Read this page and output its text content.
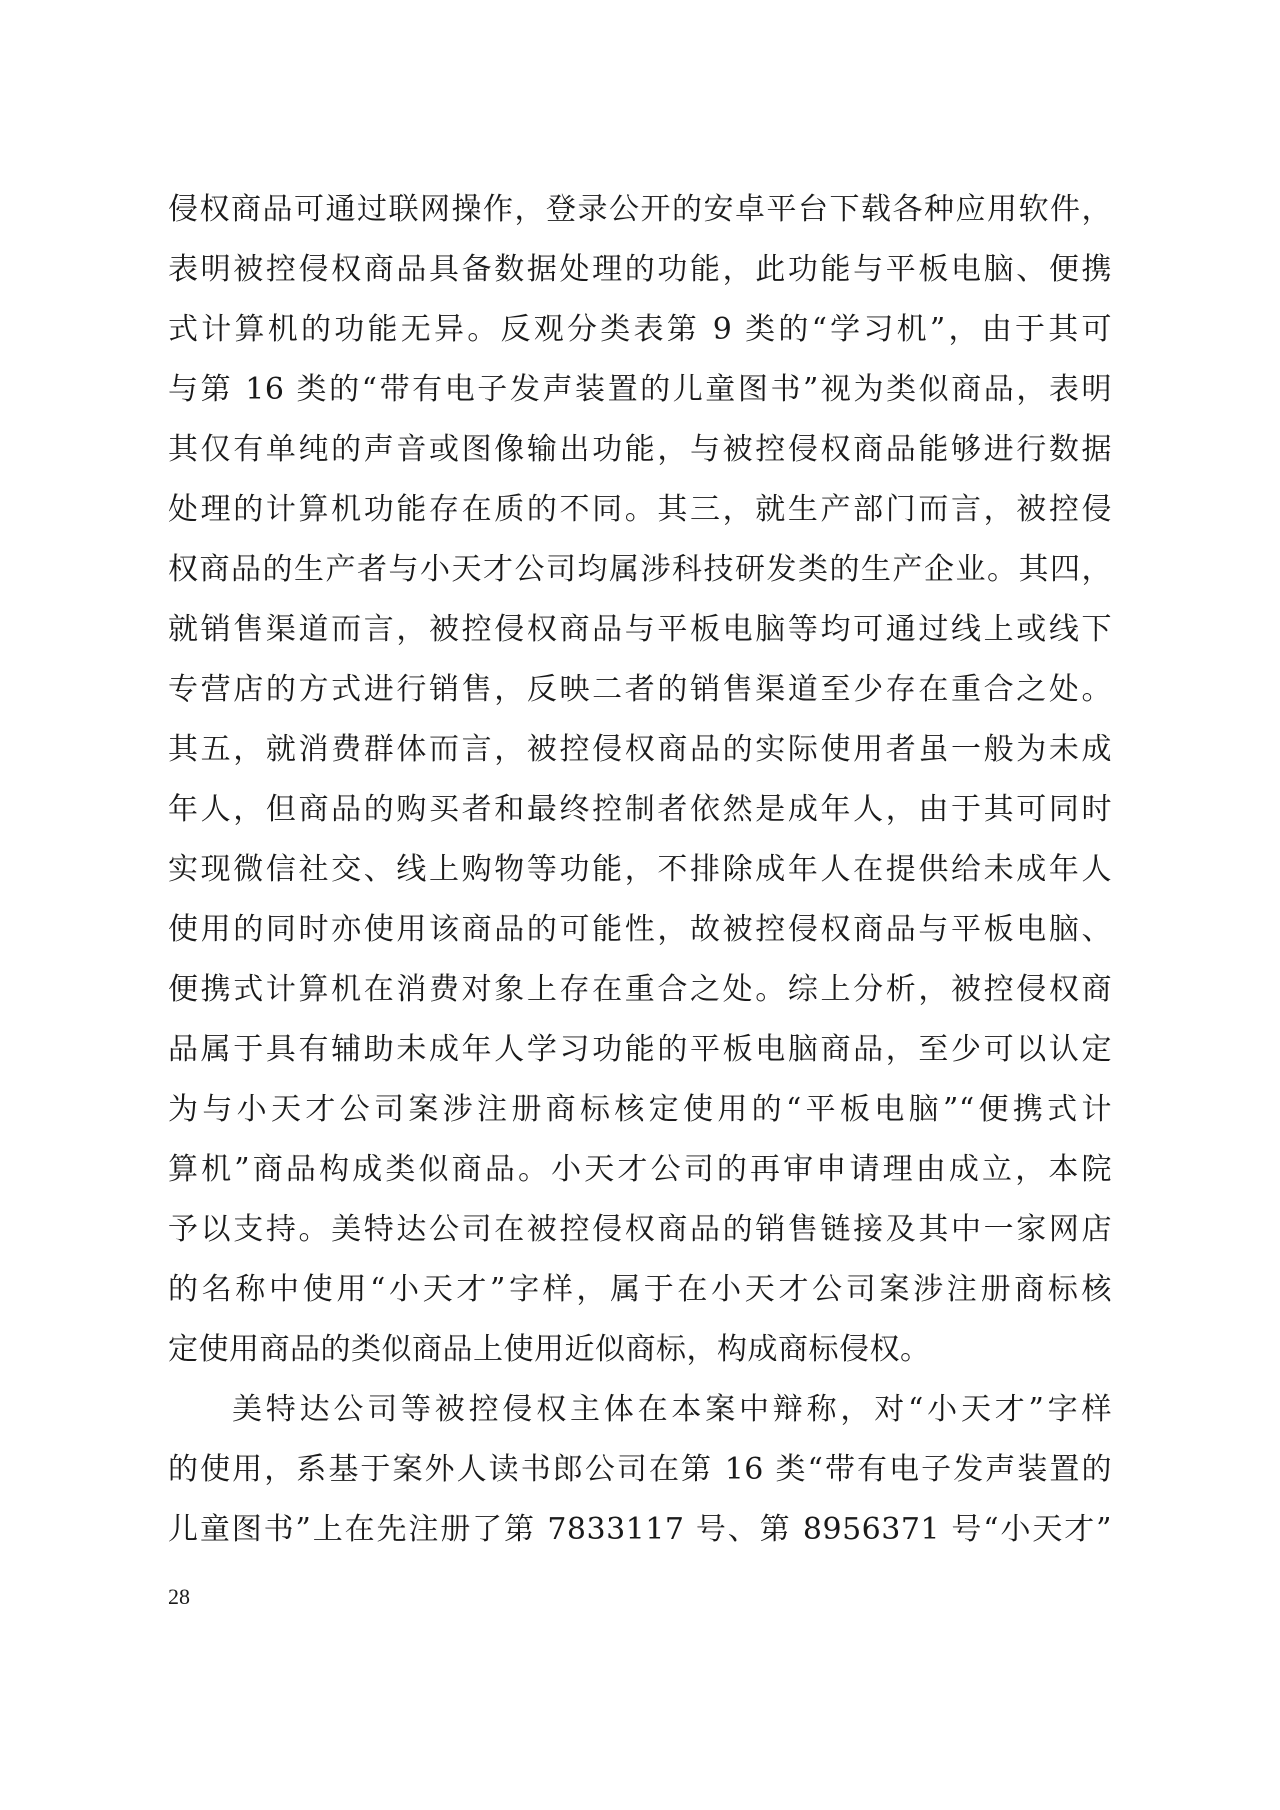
侵权商品可通过联网操作，登录公开的安卓平台下载各种应用软件，
表明被控侵权商品具备数据处理的功能，此功能与平板电脑、便携
式计算机的功能无异。反观分类表第 9 类的“学习机”，由于其可
与第 16 类的“带有电子发声装置的儿童图书”视为类似商品，表明
其仅有单纯的声音或图像输出功能，与被控侵权商品能够进行数据
处理的计算机功能存在质的不同。其三，就生产部门而言，被控侵
权商品的生产者与小天才公司均属涉科技研发类的生产企业。其四，
就销售渠道而言，被控侵权商品与平板电脑等均可通过线上或线下
专营店的方式进行销售，反映二者的销售渠道至少存在重合之处。
其五，就消费群体而言，被控侵权商品的实际使用者虽一般为未成
年人，但商品的购买者和最终控制者依然是成年人，由于其可同时
实现微信社交、线上购物等功能，不排除成年人在提供给未成年人
使用的同时亦使用该商品的可能性，故被控侵权商品与平板电脑、
便携式计算机在消费对象上存在重合之处。综上分析，被控侵权商
品属于具有辅助未成年人学习功能的平板电脑商品，至少可以认定
为与小天才公司案涉注册商标核定使用的“平板电脑”“便携式计
算机”商品构成类似商品。小天才公司的再审申请理由成立，本院
予以支持。美特达公司在被控侵权商品的销售链接及其中一家网店
的名称中使用“小天才”字样，属于在小天才公司案涉注册商标核
定使用商品的类似商品上使用近似商标，构成商标侵权。
美特达公司等被控侵权主体在本案中辩称，对“小天才”字样
的使用，系基于案外人读书郎公司在第 16 类“带有电子发声装置的
儿童图书”上在先注册了第 7833117 号、第 8956371 号“小天才”
28
